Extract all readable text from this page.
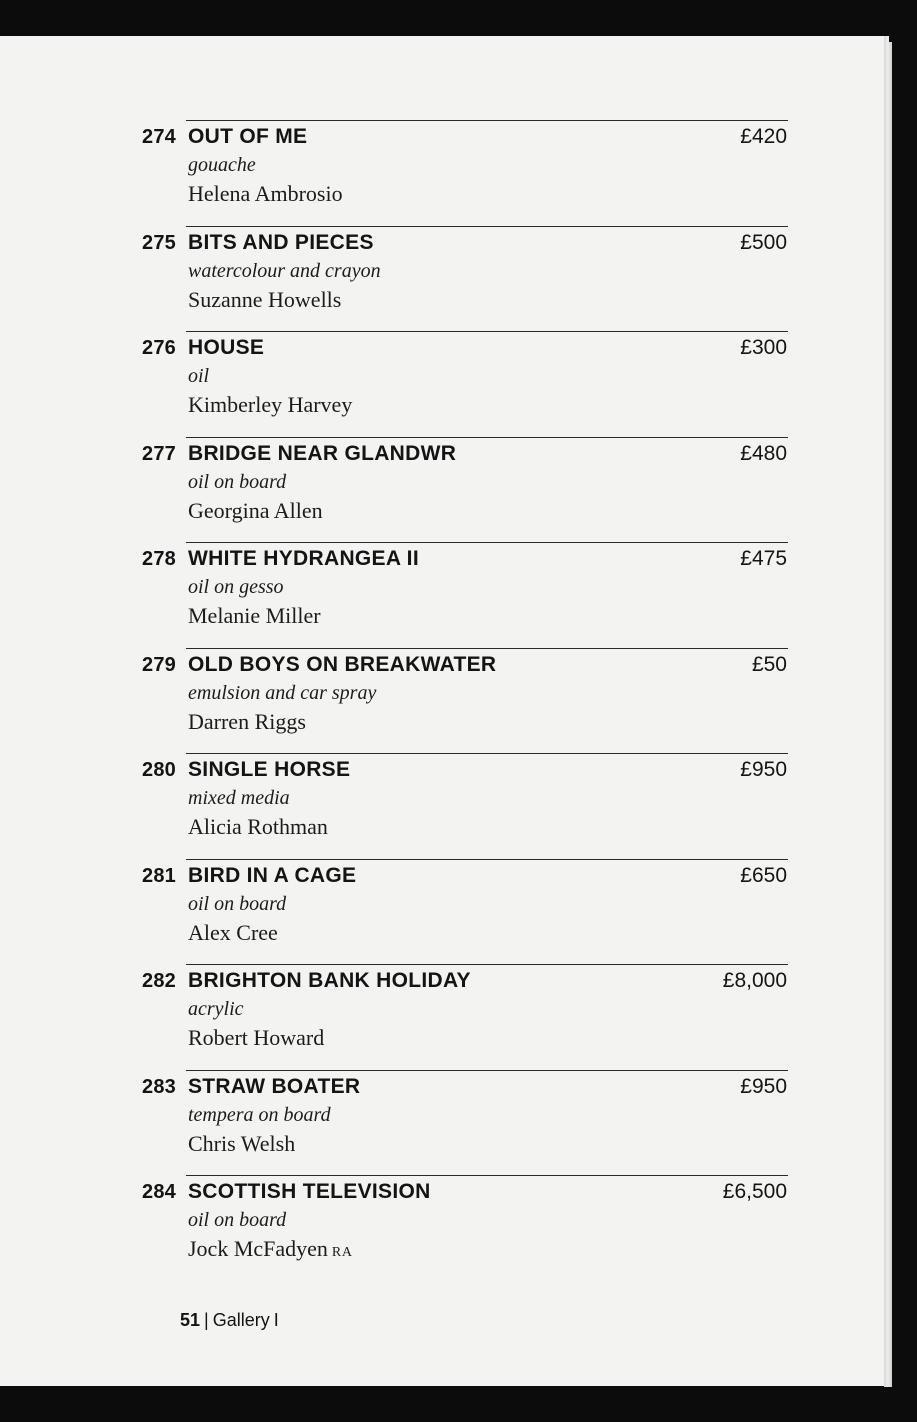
274 OUT OF ME
gouache
Helena Ambrosio
£420
275 BITS AND PIECES
watercolour and crayon
Suzanne Howells
£500
276 HOUSE
oil
Kimberley Harvey
£300
277 BRIDGE NEAR GLANDWR
oil on board
Georgina Allen
£480
278 WHITE HYDRANGEA II
oil on gesso
Melanie Miller
£475
279 OLD BOYS ON BREAKWATER
emulsion and car spray
Darren Riggs
£50
280 SINGLE HORSE
mixed media
Alicia Rothman
£950
281 BIRD IN A CAGE
oil on board
Alex Cree
£650
282 BRIGHTON BANK HOLIDAY
acrylic
Robert Howard
£8,000
283 STRAW BOATER
tempera on board
Chris Welsh
£950
284 SCOTTISH TELEVISION
oil on board
Jock McFadyen RA
£6,500
51 | Gallery I
